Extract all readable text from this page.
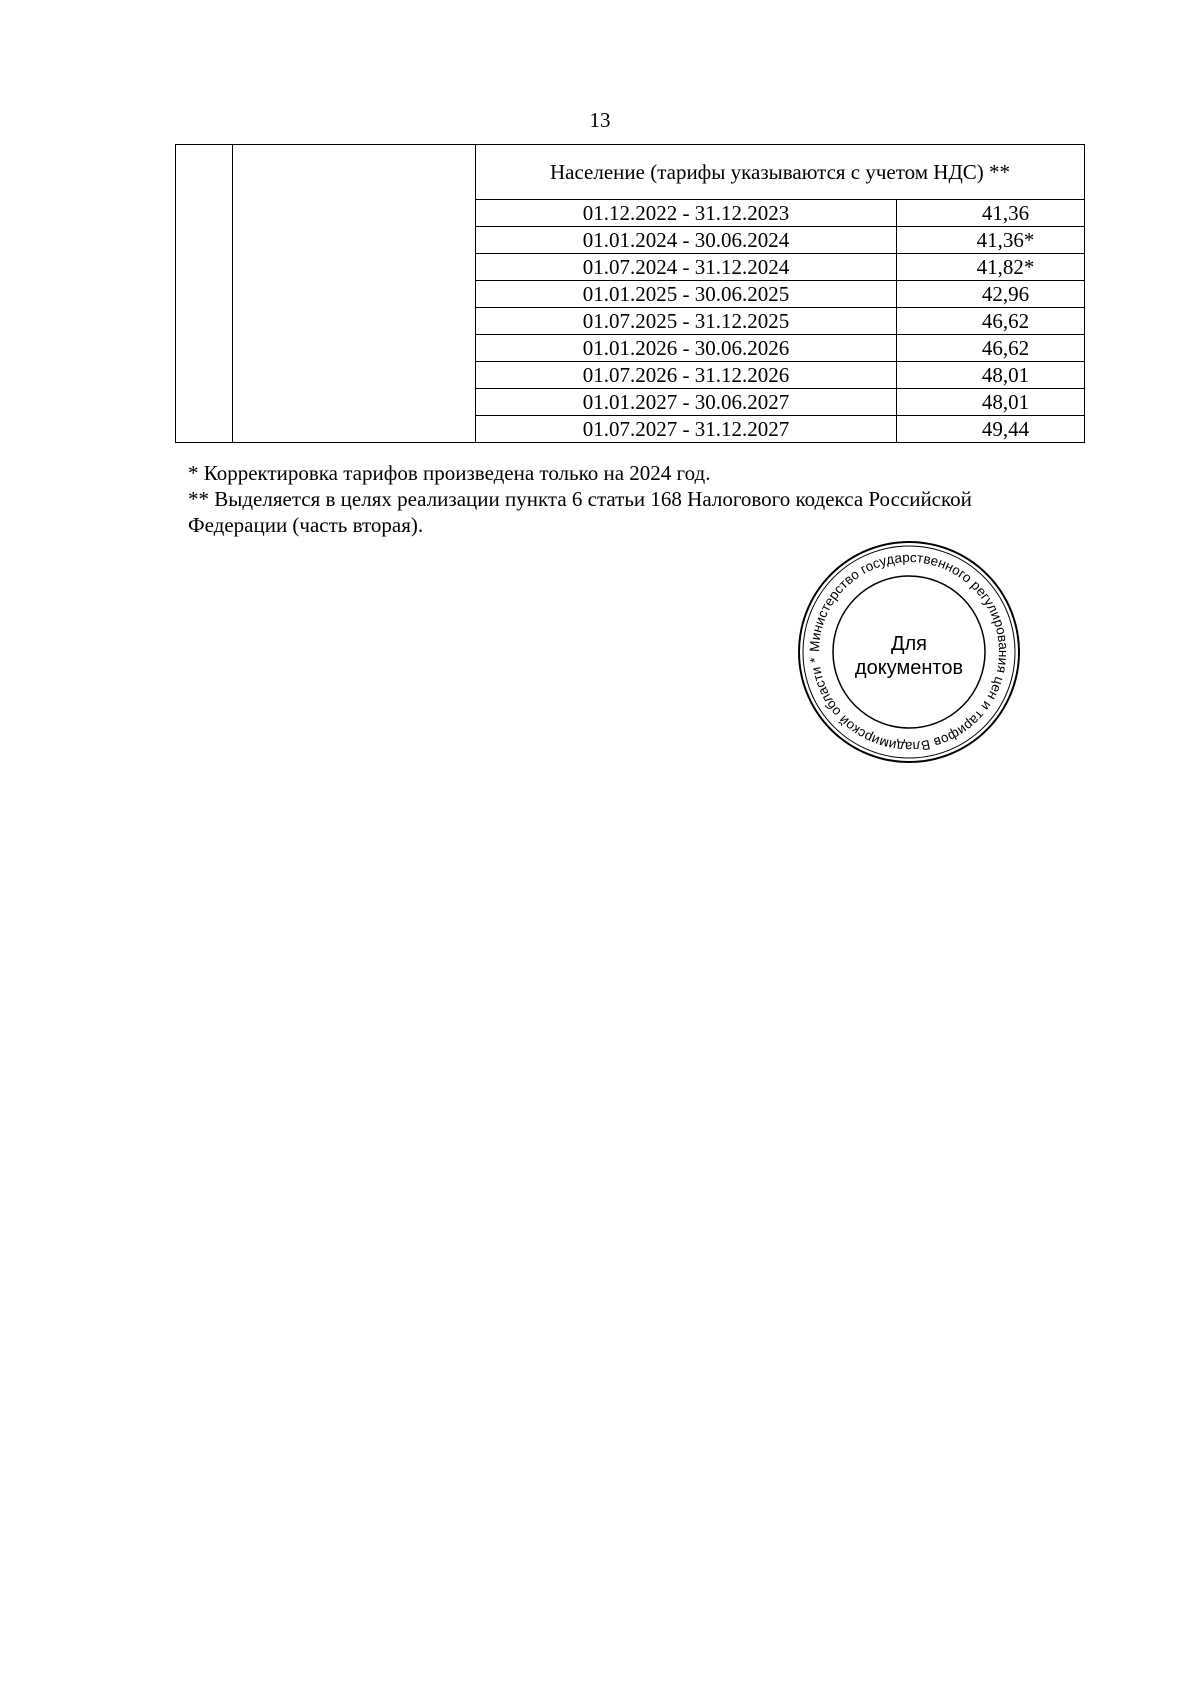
13
		Население (тарифы указываются с учетом НДС) **	
		01.12.2022 - 31.12.2023	41,36
		01.01.2024 - 30.06.2024	41,36*
		01.07.2024 - 31.12.2024	41,82*
		01.01.2025 - 30.06.2025	42,96
		01.07.2025 - 31.12.2025	46,62
		01.01.2026 - 30.06.2026	46,62
		01.07.2026 - 31.12.2026	48,01
		01.01.2027 - 30.06.2027	48,01
		01.07.2027 - 31.12.2027	49,44

* Корректировка тарифов произведена только на 2024 год.

** Выделяется в целях реализации пункта 6 статьи 168 Налогового кодекса Российской Федерации (часть вторая).

Министерство государственного регулирования цен и тарифов Владимирской области *
Для
документов
